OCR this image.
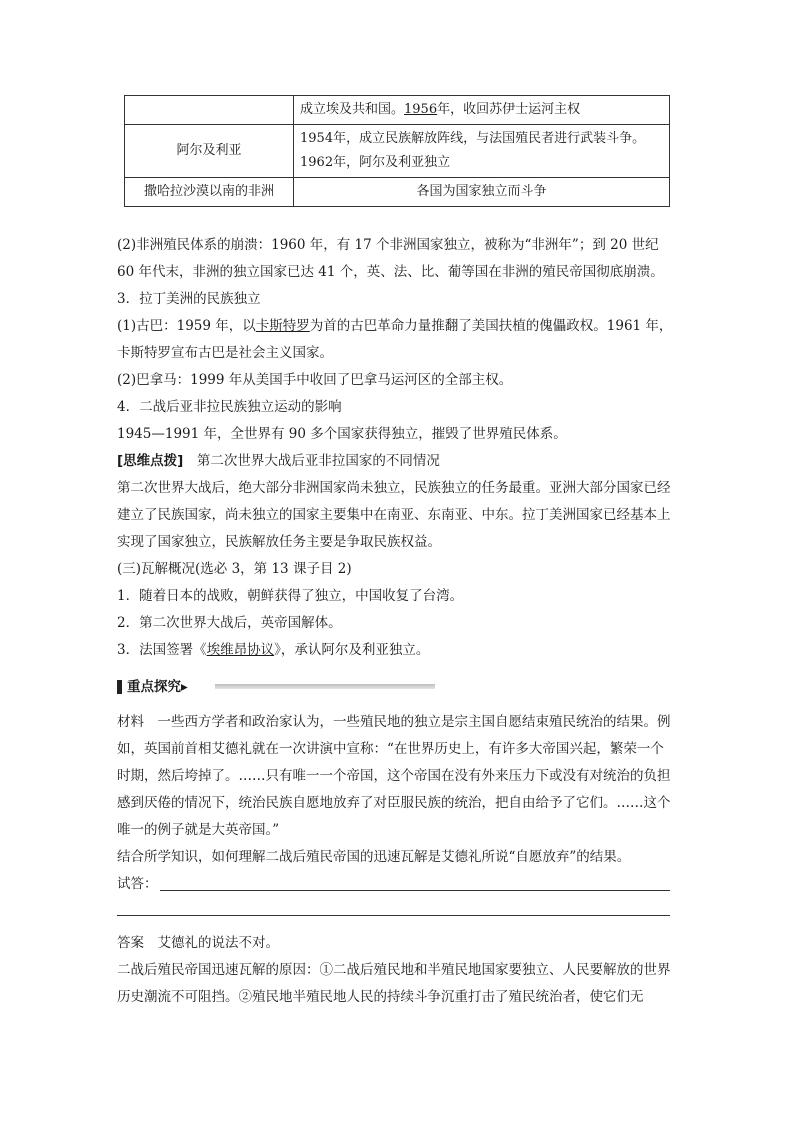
	成立埃及共和国。1956年，收回苏伊士运河主权
阿尔及利亚	1954年，成立民族解放阵线，与法国殖民者进行武装斗争。
1962年，阿尔及利亚独立

撒哈拉沙漠以南的非洲	各国为国家独立而斗争
(2)非洲殖民体系的崩溃：1960 年，有 17 个非洲国家独立，被称为“非洲年”；到 20 世纪 60 年代末，非洲的独立国家已达 41 个，英、法、比、葡等国在非洲的殖民帝国彻底崩溃。
3．拉丁美洲的民族独立
(1)古巴：1959 年，以卡斯特罗为首的古巴革命力量推翻了美国扶植的傀儡政权。1961 年，卡斯特罗宣布古巴是社会主义国家。
(2)巴拿马：1999 年从美国手中收回了巴拿马运河区的全部主权。
4．二战后亚非拉民族独立运动的影响
1945—1991 年，全世界有 90 多个国家获得独立，摧毁了世界殖民体系。
[思维点拨]　 第二次世界大战后亚非拉国家的不同情况
第二次世界大战后，绝大部分非洲国家尚未独立，民族独立的任务最重。亚洲大部分国家已经建立了民族国家，尚未独立的国家主要集中在南亚、东南亚、中东。拉丁美洲国家已经基本上实现了国家独立，民族解放任务主要是争取民族权益。
(三)瓦解概况(选必 3，第 13 课子目 2)
1．随着日本的战败，朝鲜获得了独立，中国收复了台湾。
2．第二次世界大战后，英帝国解体。
3．法国签署《埃维昂协议》，承认阿尔及利亚独立。
重点探究▸
材料　一些西方学者和政治家认为，一些殖民地的独立是宗主国自愿结束殖民统治的结果。例如，英国前首相艾德礼就在一次讲演中宣称：“在世界历史上，有许多大帝国兴起，繁荣一个时期，然后垮掉了。……只有唯一一个帝国，这个帝国在没有外来压力下或没有对统治的负担感到厌倦的情况下，统治民族自愿地放弃了对臣服民族的统治，把自由给予了它们。……这个唯一的例子就是大英帝国。”
结合所学知识，如何理解二战后殖民帝国的迅速瓦解是艾德礼所说“自愿放弃”的结果。
试答：
答案　 艾德礼的说法不对。
二战后殖民帝国迅速瓦解的原因：①二战后殖民地和半殖民地国家要独立、人民要解放的世界历史潮流不可阻挡。②殖民地半殖民地人民的持续斗争沉重打击了殖民统治者，使它们无
